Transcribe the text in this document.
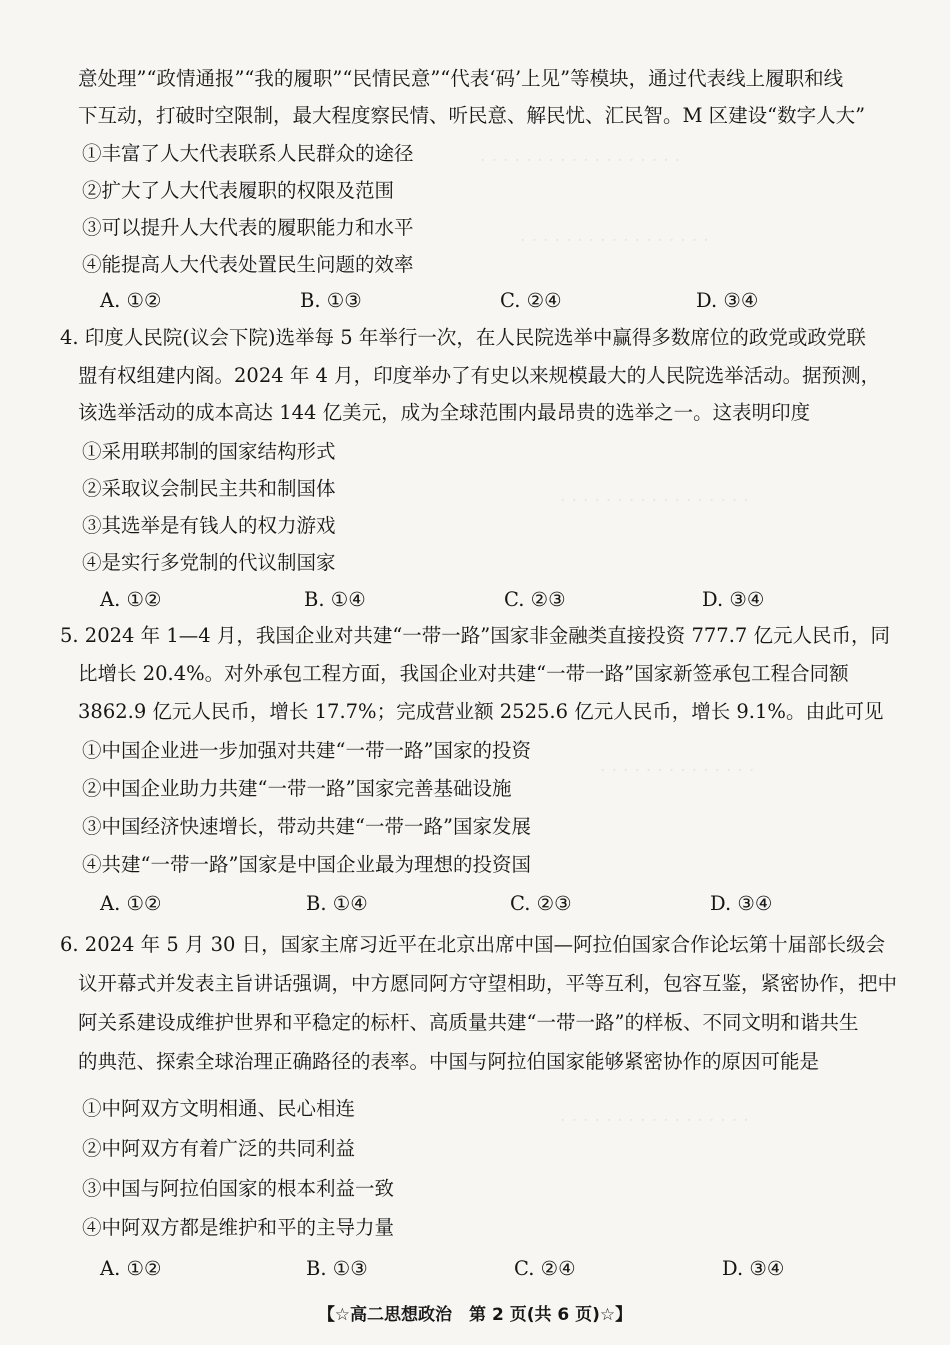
· · · · · · · · · · · · · · · · · ·
· · · · · · · · · · · · · · · · ·
· · · · · · · · · · · · · · · · ·
· · · · · · · · · · · · · ·
· · · · · · · · · · · · · · · · ·
意处理”“政情通报”“我的履职”“民情民意”“代表‘码’上见”等模块，通过代表线上履职和线
下互动，打破时空限制，最大程度察民情、听民意、解民忧、汇民智。M 区建设“数字人大”
①丰富了人大代表联系人民群众的途径
②扩大了人大代表履职的权限及范围
③可以提升人大代表的履职能力和水平
④能提高人大代表处置民生问题的效率
A. ①②	B. ①③	C. ②④	D. ③④
4. 印度人民院(议会下院)选举每 5 年举行一次，在人民院选举中赢得多数席位的政党或政党联
盟有权组建内阁。2024 年 4 月，印度举办了有史以来规模最大的人民院选举活动。据预测，
该选举活动的成本高达 144 亿美元，成为全球范围内最昂贵的选举之一。这表明印度
①采用联邦制的国家结构形式
②采取议会制民主共和制国体
③其选举是有钱人的权力游戏
④是实行多党制的代议制国家
A. ①②	B. ①④	C. ②③	D. ③④
5. 2024 年 1—4 月，我国企业对共建“一带一路”国家非金融类直接投资 777.7 亿元人民币，同
比增长 20.4%。对外承包工程方面，我国企业对共建“一带一路”国家新签承包工程合同额
3862.9 亿元人民币，增长 17.7%；完成营业额 2525.6 亿元人民币，增长 9.1%。由此可见
①中国企业进一步加强对共建“一带一路”国家的投资
②中国企业助力共建“一带一路”国家完善基础设施
③中国经济快速增长，带动共建“一带一路”国家发展
④共建“一带一路”国家是中国企业最为理想的投资国
A. ①②	B. ①④	C. ②③	D. ③④
6. 2024 年 5 月 30 日，国家主席习近平在北京出席中国—阿拉伯国家合作论坛第十届部长级会
议开幕式并发表主旨讲话强调，中方愿同阿方守望相助，平等互利，包容互鉴，紧密协作，把中
阿关系建设成维护世界和平稳定的标杆、高质量共建“一带一路”的样板、不同文明和谐共生
的典范、探索全球治理正确路径的表率。中国与阿拉伯国家能够紧密协作的原因可能是
①中阿双方文明相通、民心相连
②中阿双方有着广泛的共同利益
③中国与阿拉伯国家的根本利益一致
④中阿双方都是维护和平的主导力量
A. ①②	B. ①③	C. ②④	D. ③④
【☆高二思想政治　第 2 页(共 6 页)☆】
